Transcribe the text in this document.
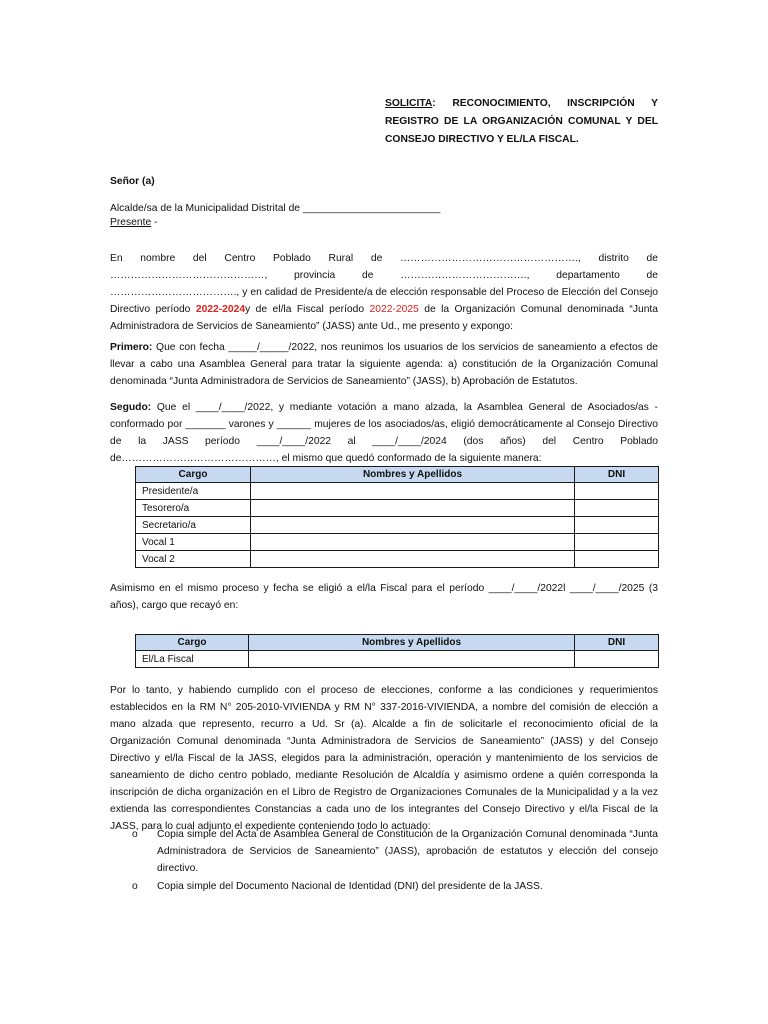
SOLICITA: RECONOCIMIENTO, INSCRIPCIÓN Y REGISTRO DE LA ORGANIZACIÓN COMUNAL Y DEL CONSEJO DIRECTIVO Y EL/LA FISCAL.
Señor (a)
Alcalde/sa de la Municipalidad Distrital de ________________________
Presente -

En nombre del Centro Poblado Rural de ……………………………………………., distrito de ………………………………………, provincia de ………………………………., departamento de ………………………………., y en calidad de Presidente/a de elección responsable del Proceso de Elección del Consejo Directivo período 2022-2024y de el/la Fiscal período 2022-2025 de la Organización Comunal denominada “Junta Administradora de Servicios de Saneamiento” (JASS) ante Ud., me presento y expongo:

Primero: Que con fecha _____/_____/2022, nos reunimos los usuarios de los servicios de saneamiento a efectos de llevar a cabo una Asamblea General para tratar la siguiente agenda: a) constitución de la Organización Comunal denominada “Junta Administradora de Servicios de Saneamiento” (JASS), b) Aprobación de Estatutos.

Segudo: Que el ____/____/2022, y mediante votación a mano alzada, la Asamblea General de Asociados/as - conformado por _______ varones y ______ mujeres de los asociados/as, eligió democráticamente al Consejo Directivo de la JASS período ____/____/2022 al ____/____/2024 (dos años) del Centro Poblado de………………………………………, el mismo que quedó conformado de la siguiente manera:

Cargo	Nombres y Apellidos	DNI
Presidente/a		
Tesorero/a		
Secretario/a		
Vocal 1		
Vocal 2		
Asimismo en el mismo proceso y fecha se eligió a el/la Fiscal para el período ____/____/2022l ____/____/2025 (3 años), cargo que recayó en:
Cargo	Nombres y Apellidos	DNI
El/La Fiscal		
Por lo tanto, y habiendo cumplido con el proceso de elecciones, conforme a las condiciones y requerimientos establecidos en la RM N° 205-2010-VIVIENDA y RM N° 337-2016-VIVIENDA, a nombre del comisión de elección a mano alzada que represento, recurro a Ud. Sr (a). Alcalde a fin de solicitarle el reconocimiento oficial de la Organización Comunal denominada “Junta Administradora de Servicios de Saneamiento” (JASS) y del Consejo Directivo y el/la Fiscal de la JASS, elegidos para la administración, operación y mantenimiento de los servicios de saneamiento de dicho centro poblado, mediante Resolución de Alcaldía y asimismo ordene a quién corresponda la inscripción de dicha organización en el Libro de Registro de Organizaciones Comunales de la Municipalidad y a la vez extienda las correspondientes Constancias a cada uno de los integrantes del Consejo Directivo y el/la Fiscal de la JASS, para lo cual adjunto el expediente conteniendo todo lo actuado:
o Copia simple del Acta de Asamblea General de Constitución de la Organización Comunal denominada “Junta Administradora de Servicios de Saneamiento” (JASS), aprobación de estatutos y elección del consejo directivo.
o Copia simple del Documento Nacional de Identidad (DNI) del presidente de la JASS.
